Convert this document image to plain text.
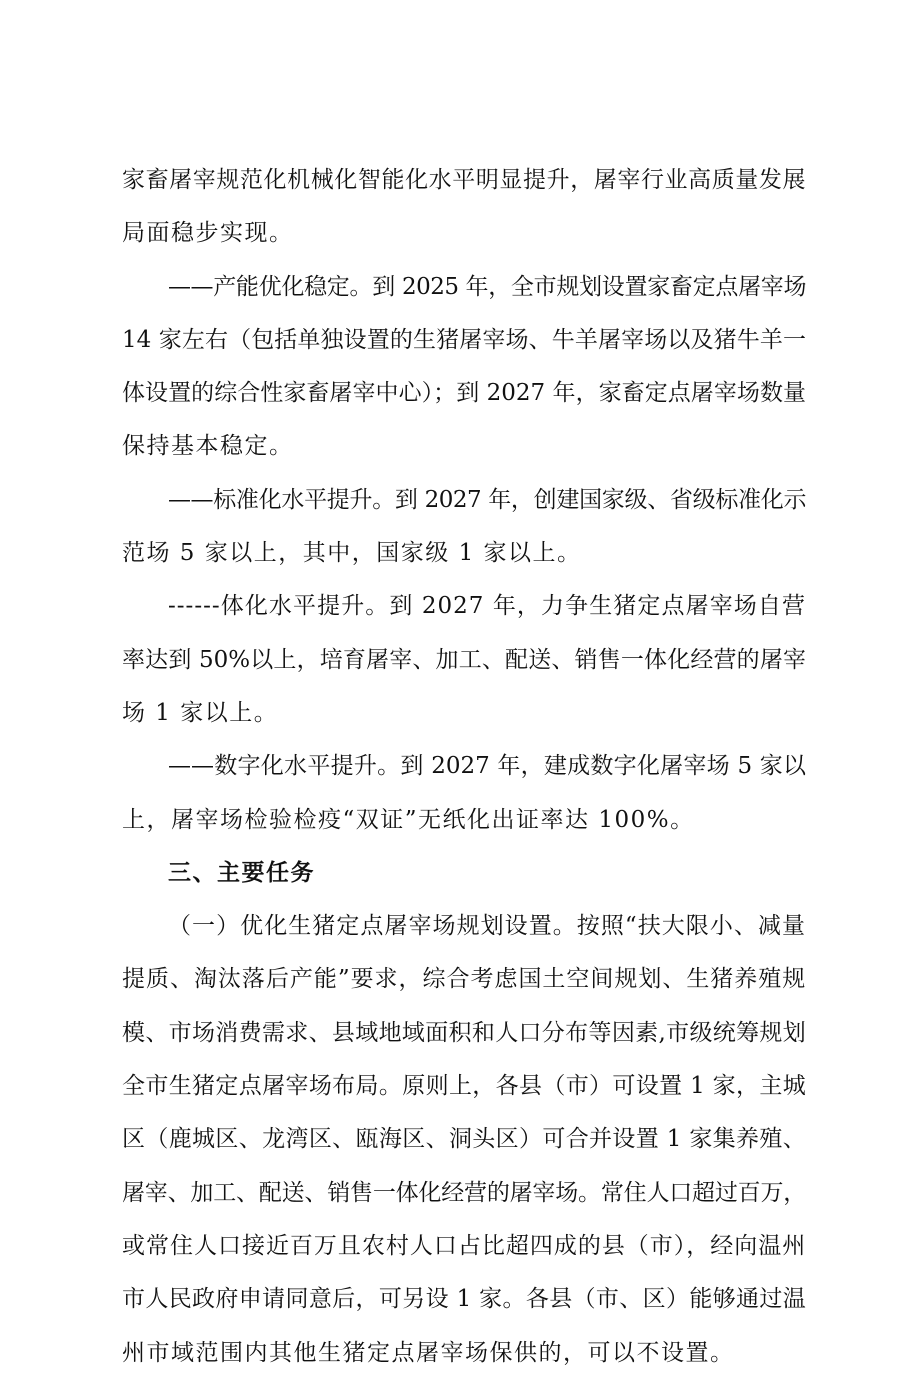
家畜屠宰规范化机械化智能化水平明显提升，屠宰行业高质量发展
局面稳步实现。
——产能优化稳定。到 2025 年，全市规划设置家畜定点屠宰场
14 家左右（包括单独设置的生猪屠宰场、牛羊屠宰场以及猪牛羊一
体设置的综合性家畜屠宰中心）；到 2027 年，家畜定点屠宰场数量
保持基本稳定。
——标准化水平提升。到 2027 年，创建国家级、省级标准化示
范场 5 家以上，其中，国家级 1 家以上。
------体化水平提升。到 2027 年，力争生猪定点屠宰场自营
率达到 50%以上，培育屠宰、加工、配送、销售一体化经营的屠宰
场 1 家以上。
——数字化水平提升。到 2027 年，建成数字化屠宰场 5 家以
上，屠宰场检验检疫“双证”无纸化出证率达 100%。
三、主要任务
（一）优化生猪定点屠宰场规划设置。按照“扶大限小、减量
提质、淘汰落后产能”要求，综合考虑国土空间规划、生猪养殖规
模、市场消费需求、县域地域面积和人口分布等因素,市级统筹规划
全市生猪定点屠宰场布局。原则上，各县（市）可设置 1 家，主城
区（鹿城区、龙湾区、瓯海区、洞头区）可合并设置 1 家集养殖、
屠宰、加工、配送、销售一体化经营的屠宰场。常住人口超过百万，
或常住人口接近百万且农村人口占比超四成的县（市），经向温州
市人民政府申请同意后，可另设 1 家。各县（市、区）能够通过温
州市域范围内其他生猪定点屠宰场保供的，可以不设置。
